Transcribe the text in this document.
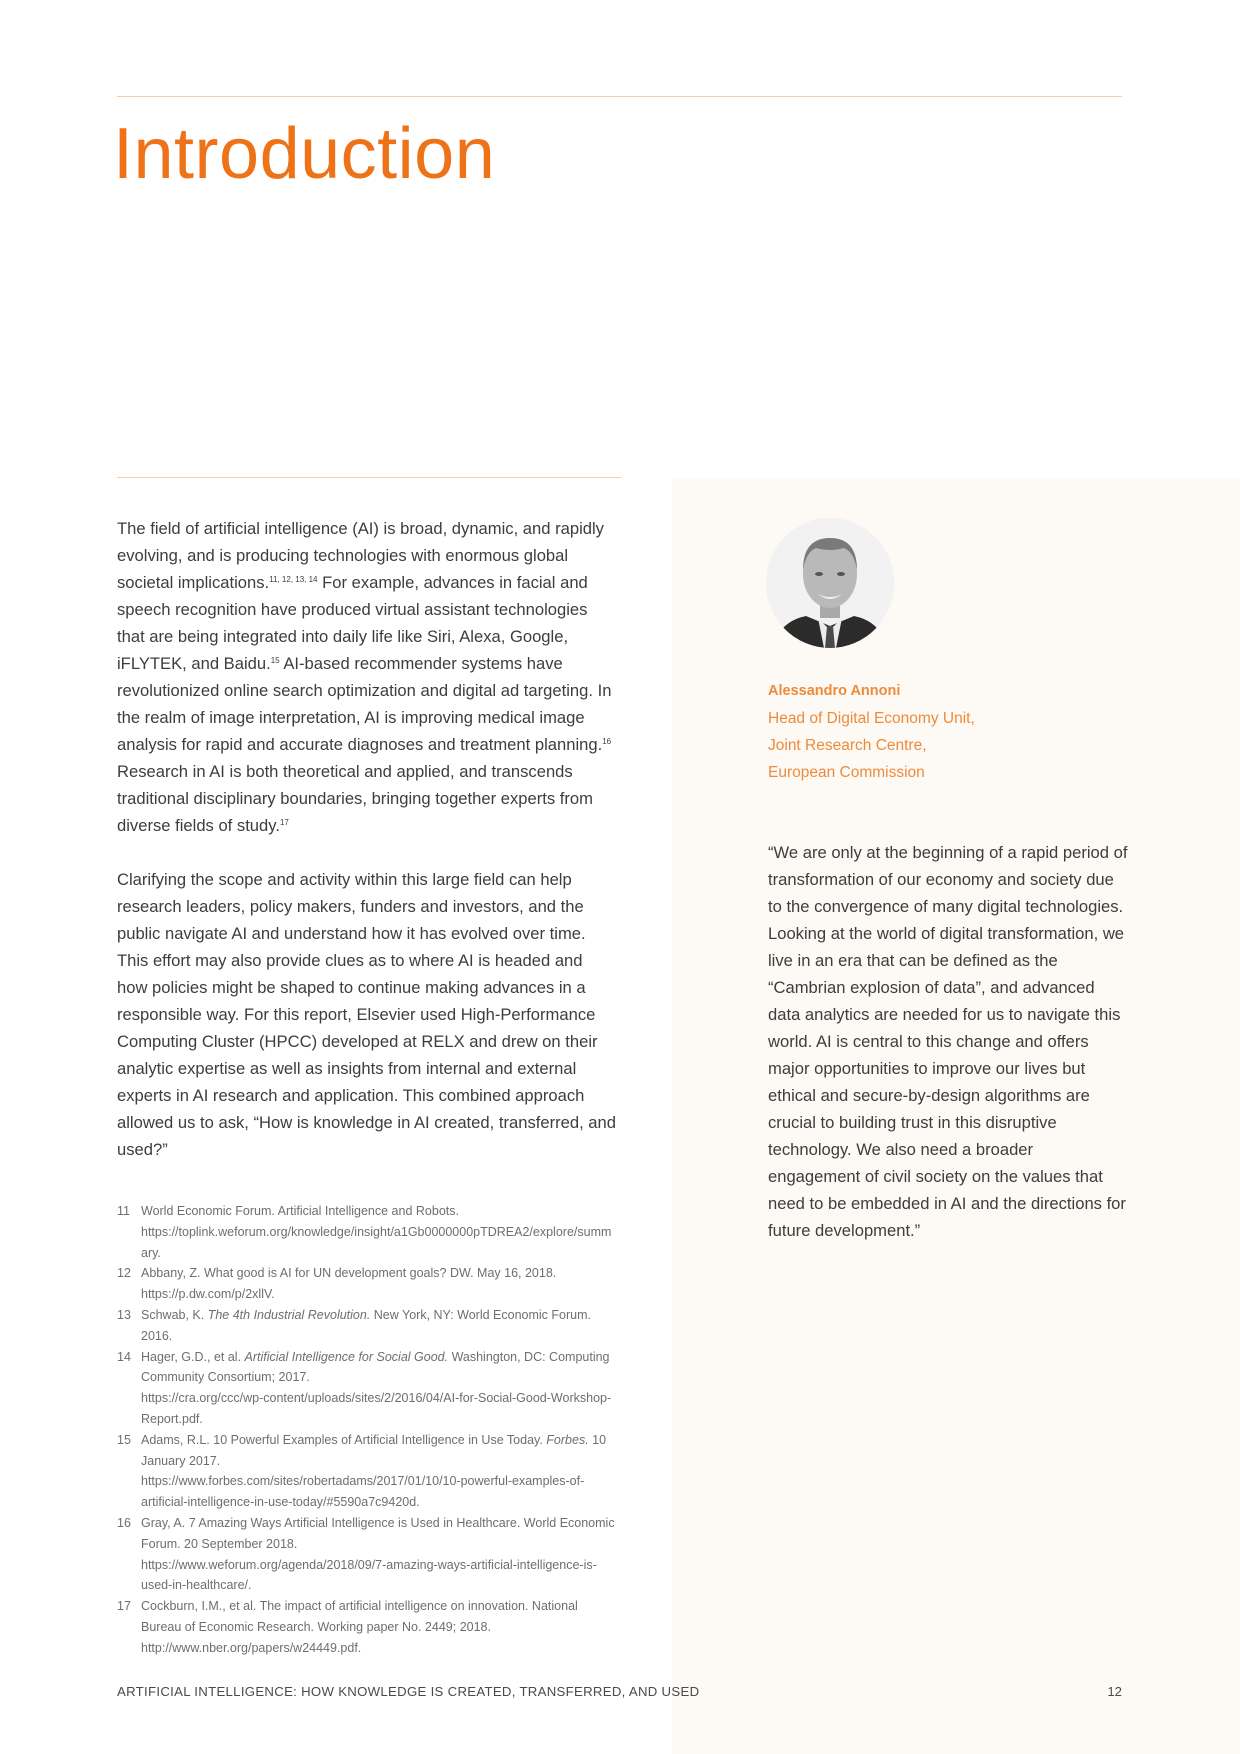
Introduction

The field of artificial intelligence (AI) is broad, dynamic, and rapidly evolving, and is producing technologies with enormous global societal implications.$^{11, 12, 13, 14}$ For example, advances in facial and speech recognition have produced virtual assistant technologies that are being integrated into daily life like Siri, Alexa, Google, iFLYTEK, and Baidu.$^{15}$ AI-based recommender systems have revolutionized online search optimization and digital ad targeting. In the realm of image interpretation, AI is improving medical image analysis for rapid and accurate diagnoses and treatment planning.$^{16}$ Research in AI is both theoretical and applied, and transcends traditional disciplinary boundaries, bringing together experts from diverse fields of study.$^{17}$

Clarifying the scope and activity within this large field can help research leaders, policy makers, funders and investors, and the public navigate AI and understand how it has evolved over time. This effort may also provide clues as to where AI is headed and how policies might be shaped to continue making advances in a responsible way. For this report, Elsevier used High-Performance Computing Cluster (HPCC) developed at RELX and drew on their analytic expertise as well as insights from internal and external experts in AI research and application. This combined approach allowed us to ask, “How is knowledge in AI created, transferred, and used?”

11 World Economic Forum. Artificial Intelligence and Robots. https://toplink.weforum.org/knowledge/insight/a1Gb0000000pTDREA2/explore/summary.
12 Abbany, Z. What good is AI for UN development goals? DW. May 16, 2018. https://p.dw.com/p/2xllV.
13 Schwab, K. The 4th Industrial Revolution. New York, NY: World Economic Forum. 2016.
14 Hager, G.D., et al. Artificial Intelligence for Social Good. Washington, DC: Computing Community Consortium; 2017.
https://cra.org/ccc/wp-content/uploads/sites/2/2016/04/AI-for-Social-Good-Workshop-Report.pdf.
15 Adams, R.L. 10 Powerful Examples of Artificial Intelligence in Use Today. Forbes. 10 January 2017.
https://www.forbes.com/sites/robertadams/2017/01/10/10-powerful-examples-of-artificial-intelligence-in-use-today/#5590a7c9420d.
16 Gray, A. 7 Amazing Ways Artificial Intelligence is Used in Healthcare. World Economic Forum. 20 September 2018.
https://www.weforum.org/agenda/2018/09/7-amazing-ways-artificial-intelligence-is-used-in-healthcare/.
17 Cockburn, I.M., et al. The impact of artificial intelligence on innovation. National Bureau of Economic Research. Working paper No. 2449; 2018.
http://www.nber.org/papers/w24449.pdf.
Alessandro Annoni
Head of Digital Economy Unit, Joint Research Centre, European Commission

“We are only at the beginning of a rapid period of transformation of our economy and society due to the convergence of many digital technologies. Looking at the world of digital transformation, we live in an era that can be defined as the “Cambrian explosion of data”, and advanced data analytics are needed for us to navigate this world. AI is central to this change and offers major opportunities to improve our lives but ethical and secure-by-design algorithms are crucial to building trust in this disruptive technology. We also need a broader engagement of civil society on the values that need to be embedded in AI and the directions for future development.”

ARTIFICIAL INTELLIGENCE: HOW KNOWLEDGE IS CREATED, TRANSFERRED, AND USED	12
